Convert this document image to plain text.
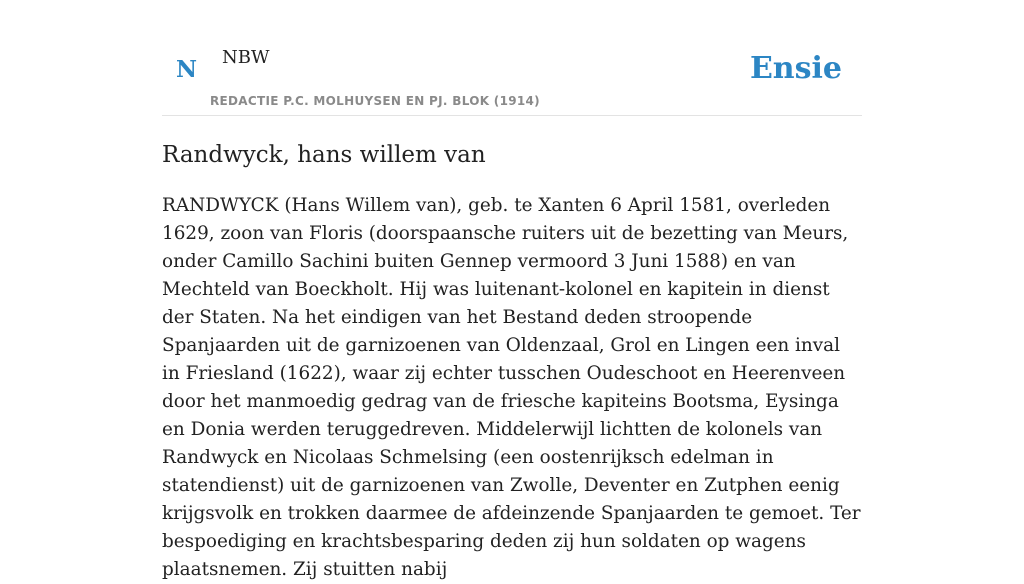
N NBW
REDACTIE P.C. MOLHUYSEN EN PJ. BLOK (1914)
Ensie
Randwyck, hans willem van

RANDWYCK (Hans Willem van), geb. te Xanten 6 April 1581, overleden 1629, zoon van Floris (doorspaansche ruiters uit de bezetting van Meurs, onder Camillo Sachini buiten Gennep vermoord 3 Juni 1588) en van Mechteld van Boeckholt. Hij was luitenant-kolonel en kapitein in dienst der Staten. Na het eindigen van het Bestand deden stroopende Spanjaarden uit de garnizoenen van Oldenzaal, Grol en Lingen een inval in Friesland (1622), waar zij echter tusschen Oudeschoot en Heerenveen door het manmoedig gedrag van de friesche kapiteins Bootsma, Eysinga en Donia werden teruggedreven. Middelerwijl lichtten de kolonels van Randwyck en Nicolaas Schmelsing (een oostenrijksch edelman in statendienst) uit de garnizoenen van Zwolle, Deventer en Zutphen eenig krijgsvolk en trokken daarmee de afdeinzende Spanjaarden te gemoet. Ter bespoediging en krachtsbesparing deden zij hun soldaten op wagens plaatsnemen. Zij stuitten nabij
